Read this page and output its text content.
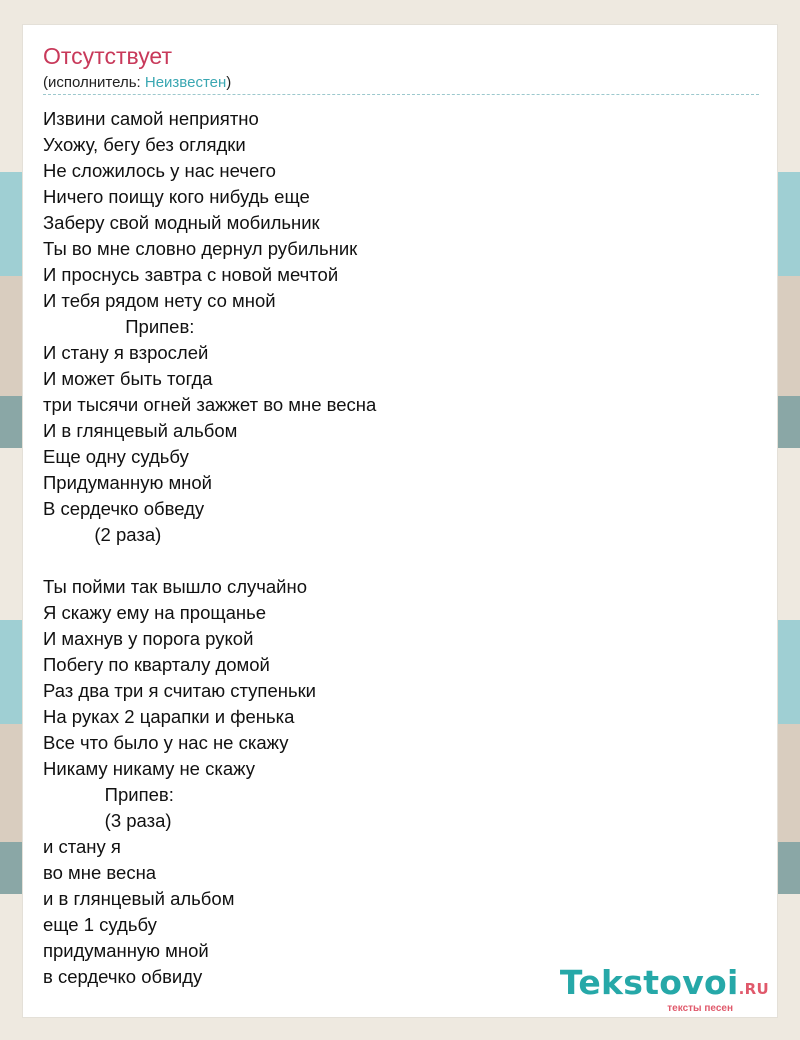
Отсутствует
(исполнитель: Неизвестен)
Извини самой неприятно
Ухожу, бегу без оглядки
Не сложилось у нас нечего
Ничего поищу кого нибудь еще
Заберу свой модный мобильник
Ты во мне словно дернул рубильник
И проснусь завтра с новой мечтой
И тебя рядом нету со мной
Припев:
И стану я взрослей
И может быть тогда
три тысячи огней зажжет во мне весна
И в глянцевый альбом
Еще одну судьбу
Придуманную мной
В сердечко обведу
(2 раза)

Ты пойми так вышло случайно
Я скажу ему на прощанье
И махнув у порога рукой
Побегу по кварталу домой
Раз два три я считаю ступеньки
На руках 2 царапки и фенька
Все что было у нас не скажу
Никаму никаму не скажу
Припев:
(3 раза)
и стану я
во мне весна
и в глянцевый альбом
еще 1 судьбу
придуманную мной
в сердечко обвиду	Tekstovoi.RU
тексты песен
